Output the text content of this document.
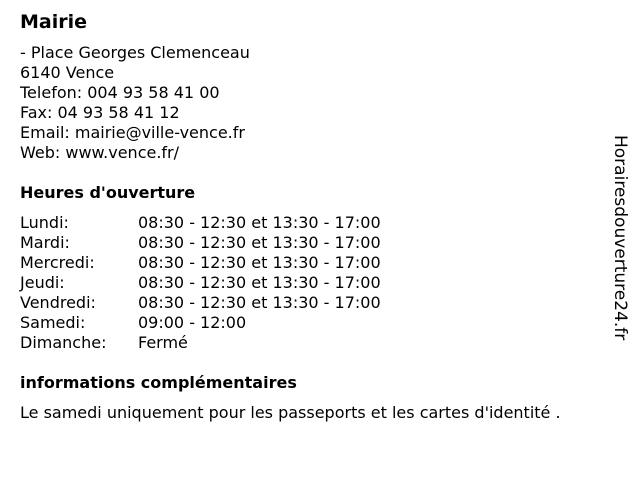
Mairie
- Place Georges Clemenceau
6140 Vence
Telefon: 004 93 58 41 00
Fax: 04 93 58 41 12
Email: mairie@ville-vence.fr
Web: www.vence.fr/
Heures d'ouverture
Lundi:	08:30 - 12:30 et 13:30 - 17:00
Mardi:	08:30 - 12:30 et 13:30 - 17:00
Mercredi:	08:30 - 12:30 et 13:30 - 17:00
Jeudi:	08:30 - 12:30 et 13:30 - 17:00
Vendredi:	08:30 - 12:30 et 13:30 - 17:00
Samedi:	09:00 - 12:00
Dimanche:	Fermé
informations complémentaires
Le samedi uniquement pour les passeports et les cartes d'identité .
Horairesdouverture24.fr
